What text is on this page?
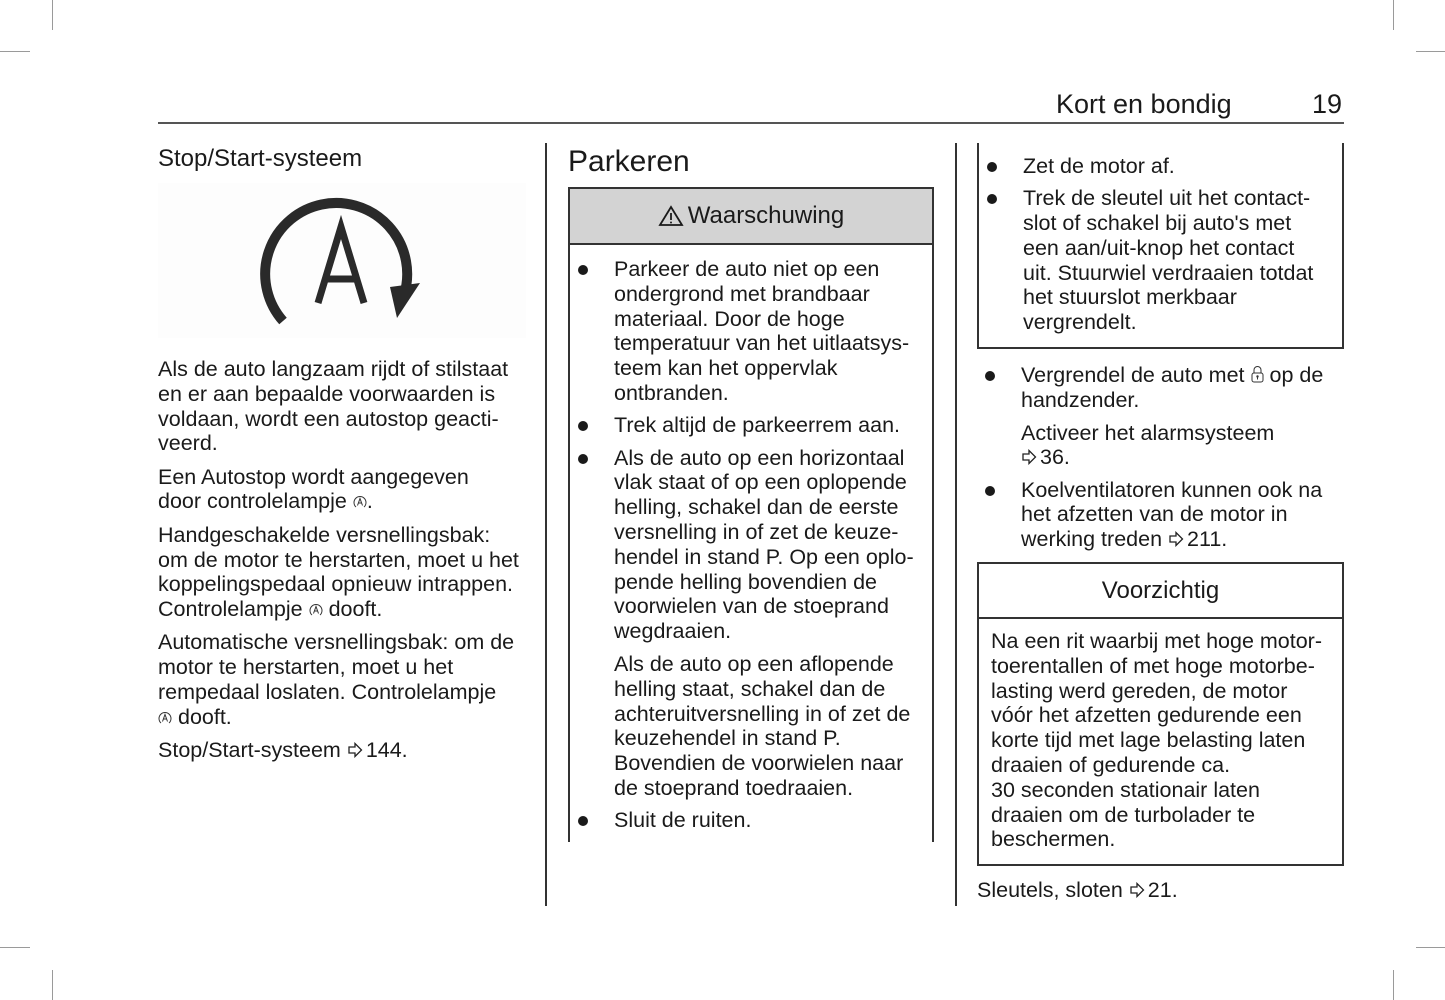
Kort en bondig	19
Stop/Start-systeem

Als de auto langzaam rijdt of stilstaat
en er aan bepaalde voorwaarden is
voldaan, wordt een autostop geacti-
veerd.

Een Autostop wordt aangegeven
door controlelampje .

Handgeschakelde versnellingsbak:
om de motor te herstarten, moet u het
koppelingspedaal opnieuw intrappen.
Controlelampje dooft.

Automatische versnellingsbak: om de
motor te herstarten, moet u het
rempedaal loslaten. Controlelampje
dooft.

Stop/Start-systeem 144.

Parkeren
Waarschuwing
Parkeer de auto niet op een
ondergrond met brandbaar
materiaal. Door de hoge
temperatuur van het uitlaatsys-
teem kan het oppervlak
ontbranden.
Trek altijd de parkeerrem aan.
Als de auto op een horizontaal
vlak staat of op een oplopende
helling, schakel dan de eerste
versnelling in of zet de keuze-
hendel in stand P. Op een oplo-
pende helling bovendien de
voorwielen van de stoeprand
wegdraaien.
Als de auto op een aflopende
helling staat, schakel dan de
achteruitversnelling in of zet de
keuzehendel in stand P.
Bovendien de voorwielen naar
de stoeprand toedraaien.
Sluit de ruiten.
Zet de motor af.
Trek de sleutel uit het contact-
slot of schakel bij auto's met
een aan/uit-knop het contact
uit. Stuurwiel verdraaien totdat
het stuurslot merkbaar
vergrendelt.
Vergrendel de auto met op de
handzender.
Activeer het alarmsysteem
36.
Koelventilatoren kunnen ook na
het afzetten van de motor in
werking treden 211.
Voorzichtig
Na een rit waarbij met hoge motor-
toerentallen of met hoge motorbe-
lasting werd gereden, de motor
vóór het afzetten gedurende een
korte tijd met lage belasting laten
draaien of gedurende ca.
30 seconden stationair laten
draaien om de turbolader te
beschermen.
Sleutels, sloten 21.
